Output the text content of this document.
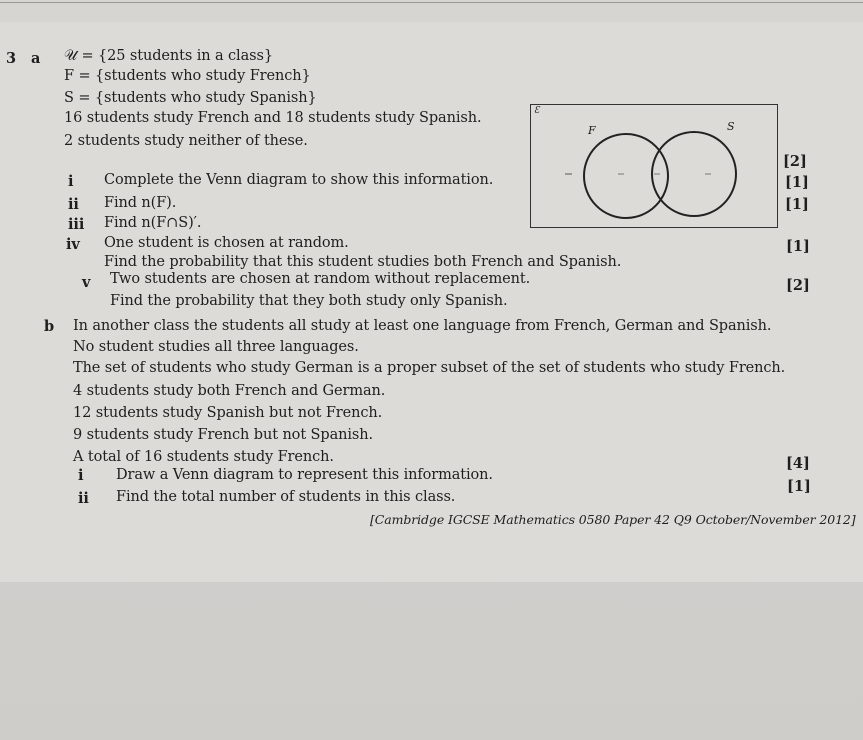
3 a 𝒰 = {25 students in a class}
F = {students who study French}
S = {students who study Spanish}
16 students study French and 18 students study Spanish.
2 students study neither of these.
i Complete the Venn diagram to show this information.
ii Find n(F).
iii Find n(F∩S)′.
iv One student is chosen at random.
Find the probability that this student studies both French and Spanish.
v Two students are chosen at random without replacement.
Find the probability that they both study only Spanish.
[2]
[1]
[1]
[1]
[2]
Ɛ
F	S
b In another class the students all study at least one language from French, German and Spanish.
No student studies all three languages.
The set of students who study German is a proper subset of the set of students who study French.
4 students study both French and German.
12 students study Spanish but not French.
9 students study French but not Spanish.
A total of 16 students study French.
i Draw a Venn diagram to represent this information.
ii Find the total number of students in this class.
[4]
[1]
[Cambridge IGCSE Mathematics 0580 Paper 42 Q9 October/November 2012]
